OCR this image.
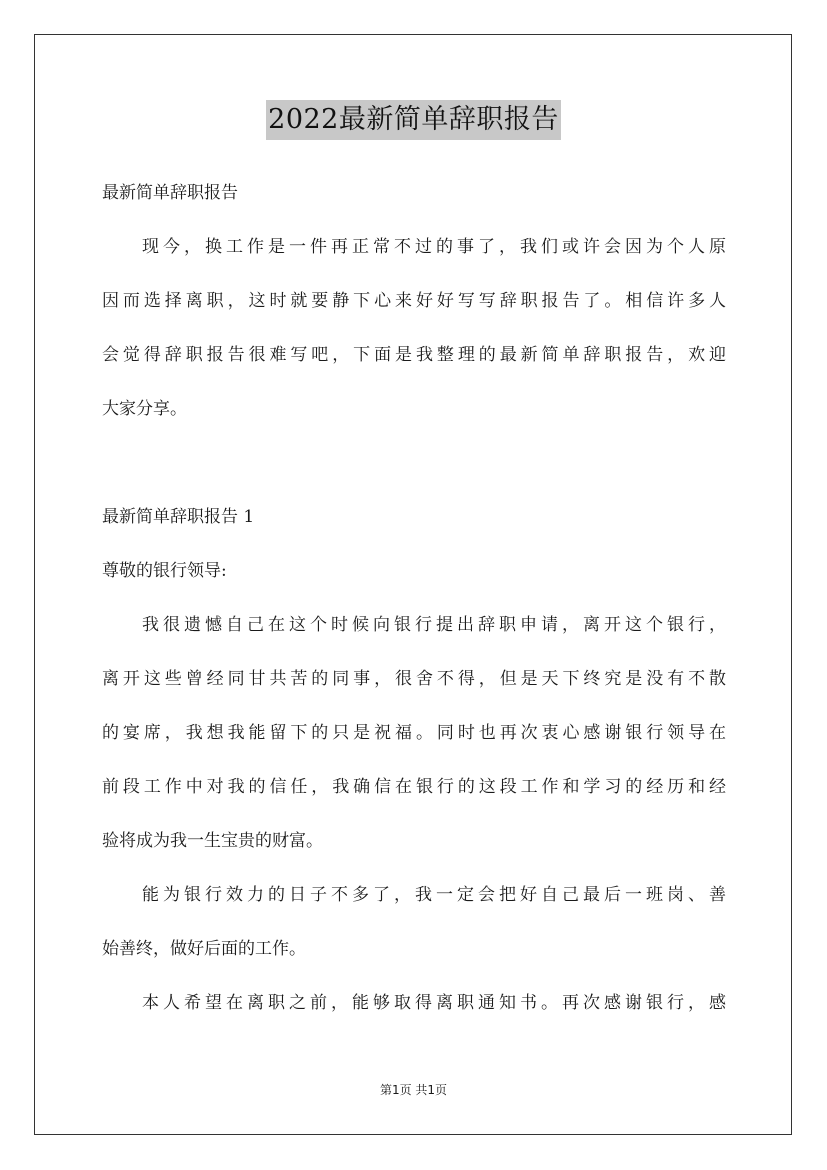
2022最新简单辞职报告
最新简单辞职报告
现今，换工作是一件再正常不过的事了，我们或许会因为个人原
因而选择离职，这时就要静下心来好好写写辞职报告了。相信许多人
会觉得辞职报告很难写吧，下面是我整理的最新简单辞职报告，欢迎
大家分享。
最新简单辞职报告 1
尊敬的银行领导:
我很遗憾自己在这个时候向银行提出辞职申请，离开这个银行，
离开这些曾经同甘共苦的同事，很舍不得，但是天下终究是没有不散
的宴席，我想我能留下的只是祝福。同时也再次衷心感谢银行领导在
前段工作中对我的信任，我确信在银行的这段工作和学习的经历和经
验将成为我一生宝贵的财富。
能为银行效力的日子不多了，我一定会把好自己最后一班岗、善
始善终，做好后面的工作。
本人希望在离职之前，能够取得离职通知书。再次感谢银行，感
第1页 共1页
